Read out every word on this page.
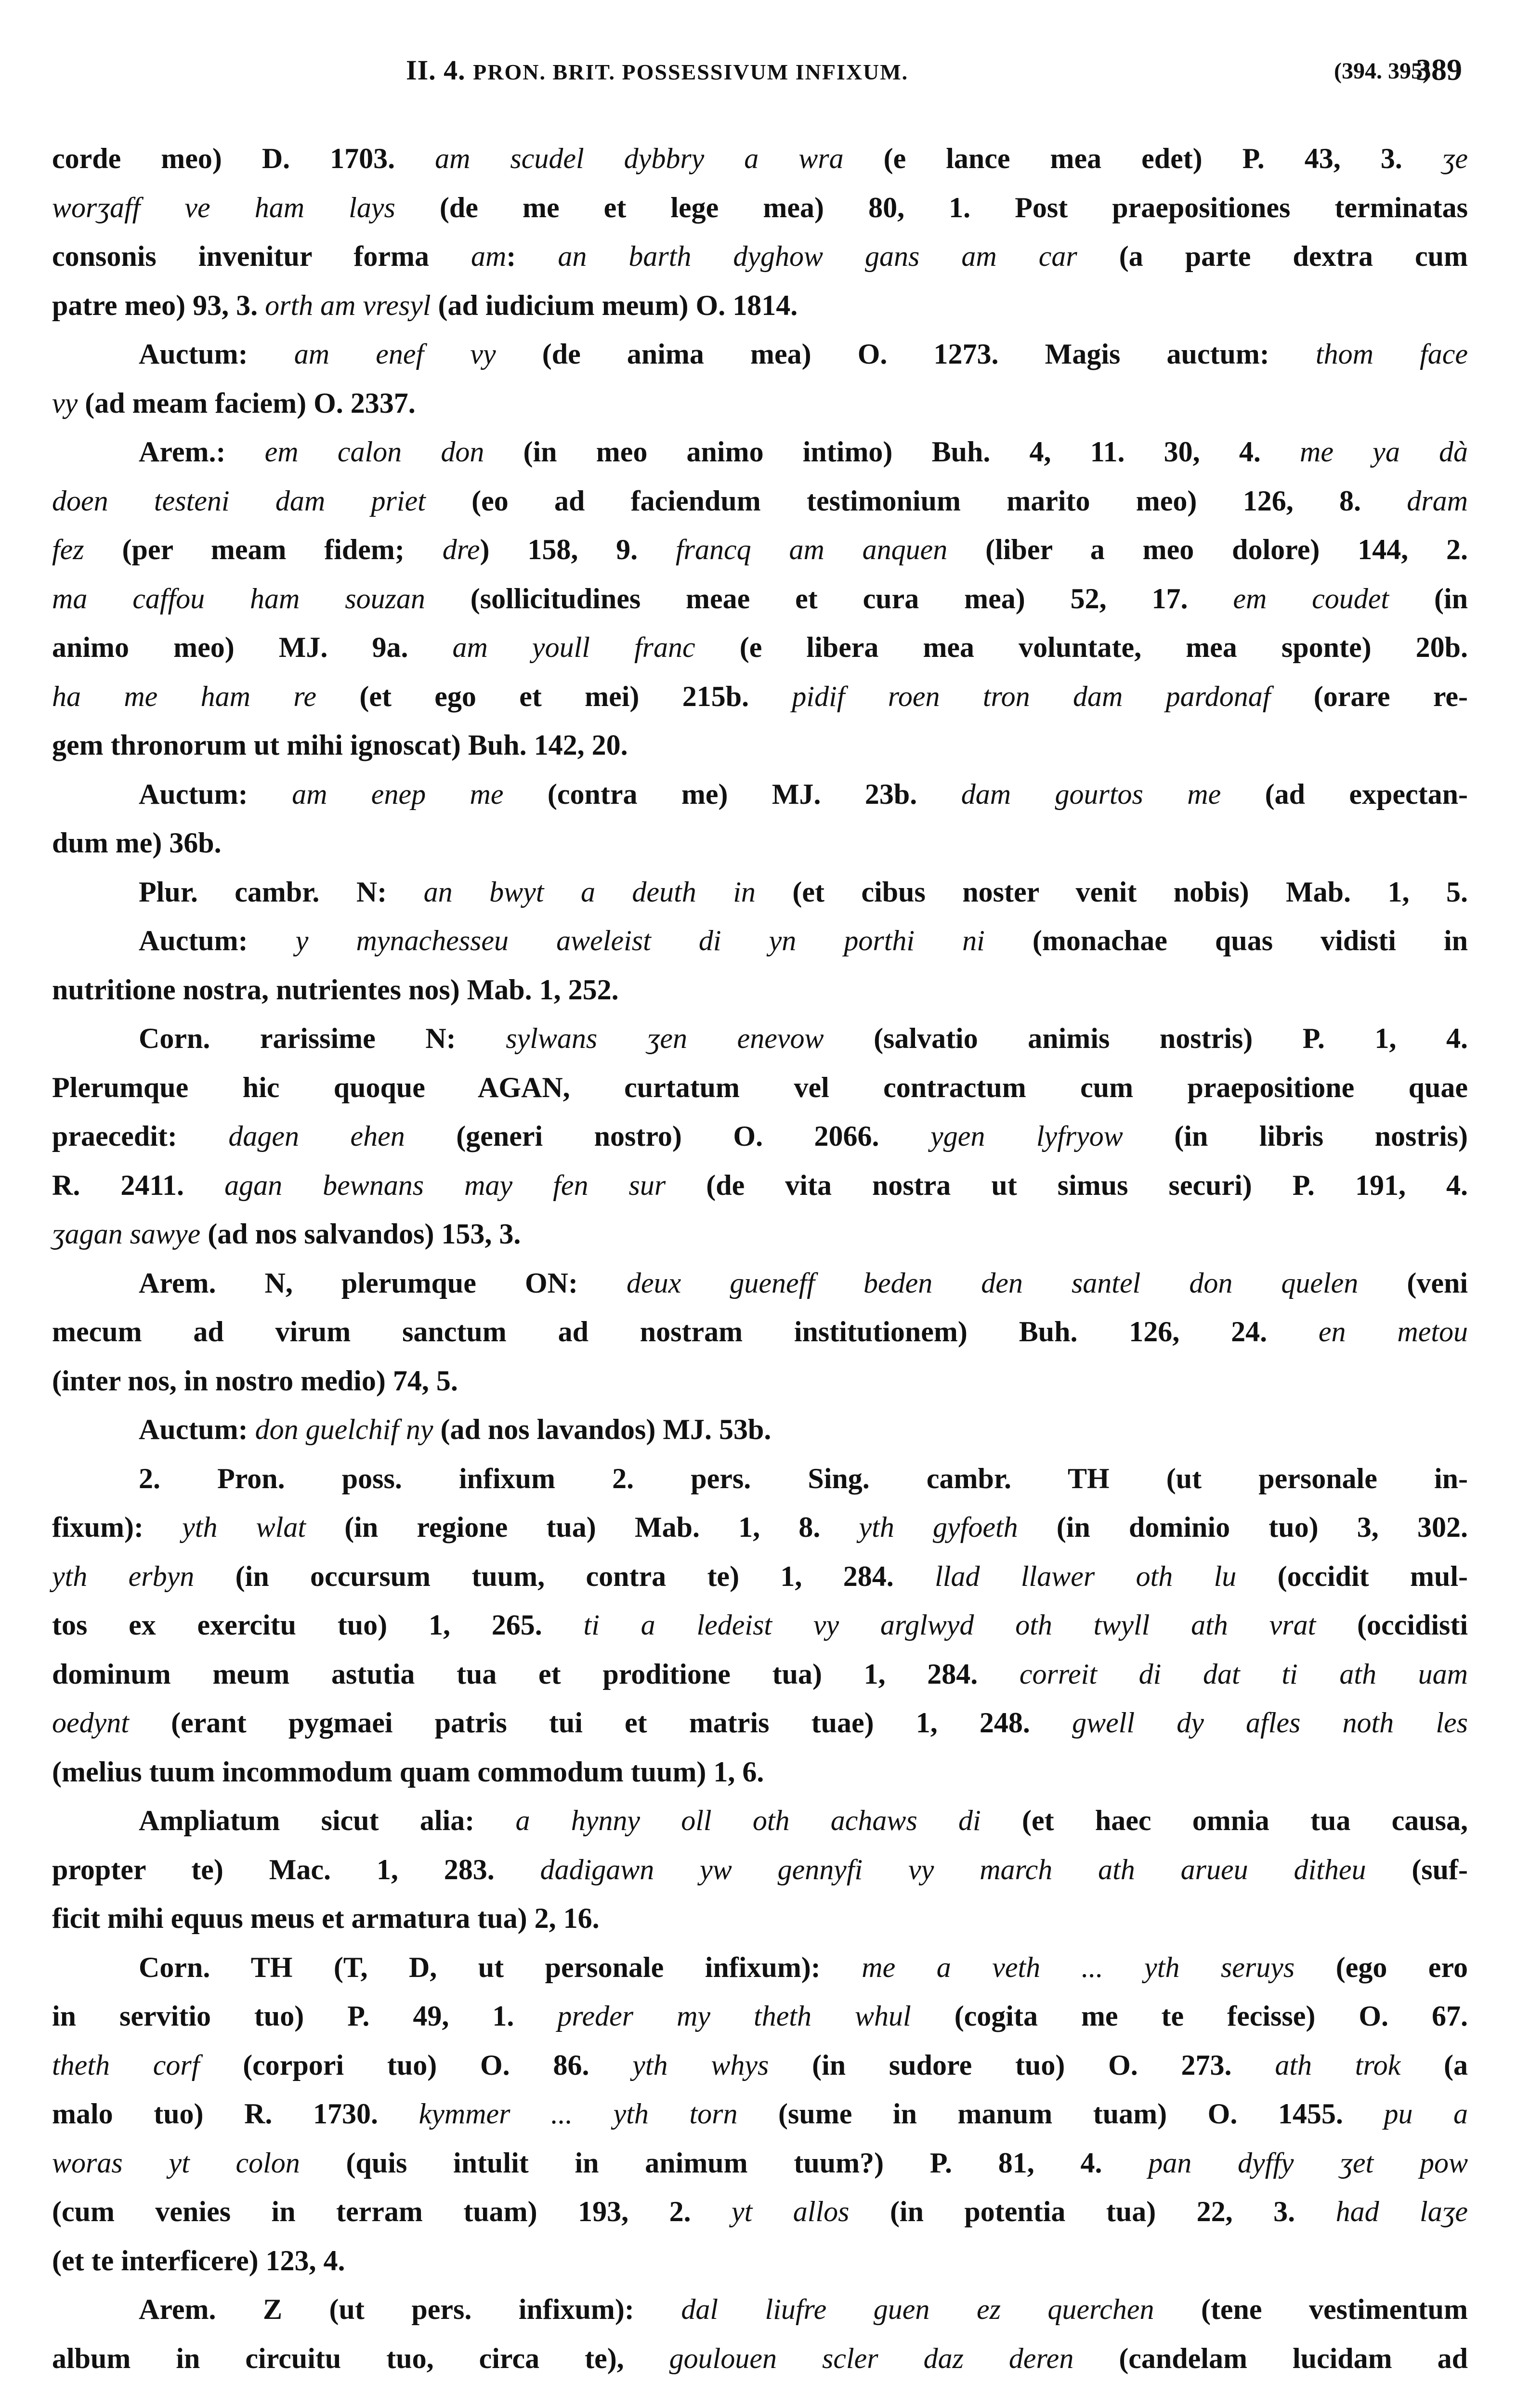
II. 4. PRON. BRIT. POSSESSIVUM INFIXUM.	(394. 395)
389
corde meo) D. 1703. am scudel dybbry a wra (e lance mea edet) P. 43, 3. ʒe
worʒaff ve ham lays (de me et lege mea) 80, 1. Post praepositiones terminatas
consonis invenitur forma am: an barth dyghow gans am car (a parte dextra cum
patre meo) 93, 3. orth am vresyl (ad iudicium meum) O. 1814.
Auctum: am enef vy (de anima mea) O. 1273. Magis auctum: thom face
vy (ad meam faciem) O. 2337.
Arem.: em calon don (in meo animo intimo) Buh. 4, 11. 30, 4. me ya dà
doen testeni dam priet (eo ad faciendum testimonium marito meo) 126, 8. dram
fez (per meam fidem; dre) 158, 9. francq am anquen (liber a meo dolore) 144, 2.
ma caffou ham souzan (sollicitudines meae et cura mea) 52, 17. em coudet (in
animo meo) MJ. 9a. am youll franc (e libera mea voluntate, mea sponte) 20b.
ha me ham re (et ego et mei) 215b. pidif roen tron dam pardonaf (orare re-
gem thronorum ut mihi ignoscat) Buh. 142, 20.
Auctum: am enep me (contra me) MJ. 23b. dam gourtos me (ad expectan-
dum me) 36b.
Plur. cambr. N: an bwyt a deuth in (et cibus noster venit nobis) Mab. 1, 5.
Auctum: y mynachesseu aweleist di yn porthi ni (monachae quas vidisti in
nutritione nostra, nutrientes nos) Mab. 1, 252.
Corn. rarissime N: sylwans ʒen enevow (salvatio animis nostris) P. 1, 4.
Plerumque hic quoque AGAN, curtatum vel contractum cum praepositione quae
praecedit: dagen ehen (generi nostro) O. 2066. ygen lyfryow (in libris nostris)
R. 2411. agan bewnans may fen sur (de vita nostra ut simus securi) P. 191, 4.
ʒagan sawye (ad nos salvandos) 153, 3.
Arem. N, plerumque ON: deux gueneff beden den santel don quelen (veni
mecum ad virum sanctum ad nostram institutionem) Buh. 126, 24. en metou
(inter nos, in nostro medio) 74, 5.
Auctum: don guelchif ny (ad nos lavandos) MJ. 53b.
2. Pron. poss. infixum 2. pers. Sing. cambr. TH (ut personale in-
fixum): yth wlat (in regione tua) Mab. 1, 8. yth gyfoeth (in dominio tuo) 3, 302.
yth erbyn (in occursum tuum, contra te) 1, 284. llad llawer oth lu (occidit mul-
tos ex exercitu tuo) 1, 265. ti a ledeist vy arglwyd oth twyll ath vrat (occidisti
dominum meum astutia tua et proditione tua) 1, 284. correit di dat ti ath uam
oedynt (erant pygmaei patris tui et matris tuae) 1, 248. gwell dy afles noth les
(melius tuum incommodum quam commodum tuum) 1, 6.
Ampliatum sicut alia: a hynny oll oth achaws di (et haec omnia tua causa,
propter te) Mac. 1, 283. dadigawn yw gennyfi vy march ath arueu ditheu (suf-
ficit mihi equus meus et armatura tua) 2, 16.
Corn. TH (T, D, ut personale infixum): me a veth ... yth seruys (ego ero
in servitio tuo) P. 49, 1. preder my theth whul (cogita me te fecisse) O. 67.
theth corf (corpori tuo) O. 86. yth whys (in sudore tuo) O. 273. ath trok (a
malo tuo) R. 1730. kymmer ... yth torn (sume in manum tuam) O. 1455. pu a
woras yt colon (quis intulit in animum tuum?) P. 81, 4. pan dyffy ʒet pow
(cum venies in terram tuam) 193, 2. yt allos (in potentia tua) 22, 3. had laʒe
(et te interficere) 123, 4.
Arem. Z (ut pers. infixum): dal liufre guen ez querchen (tene vestimentum
album in circuitu tuo, circa te), goulouen scler daz deren (candelam lucidam ad
